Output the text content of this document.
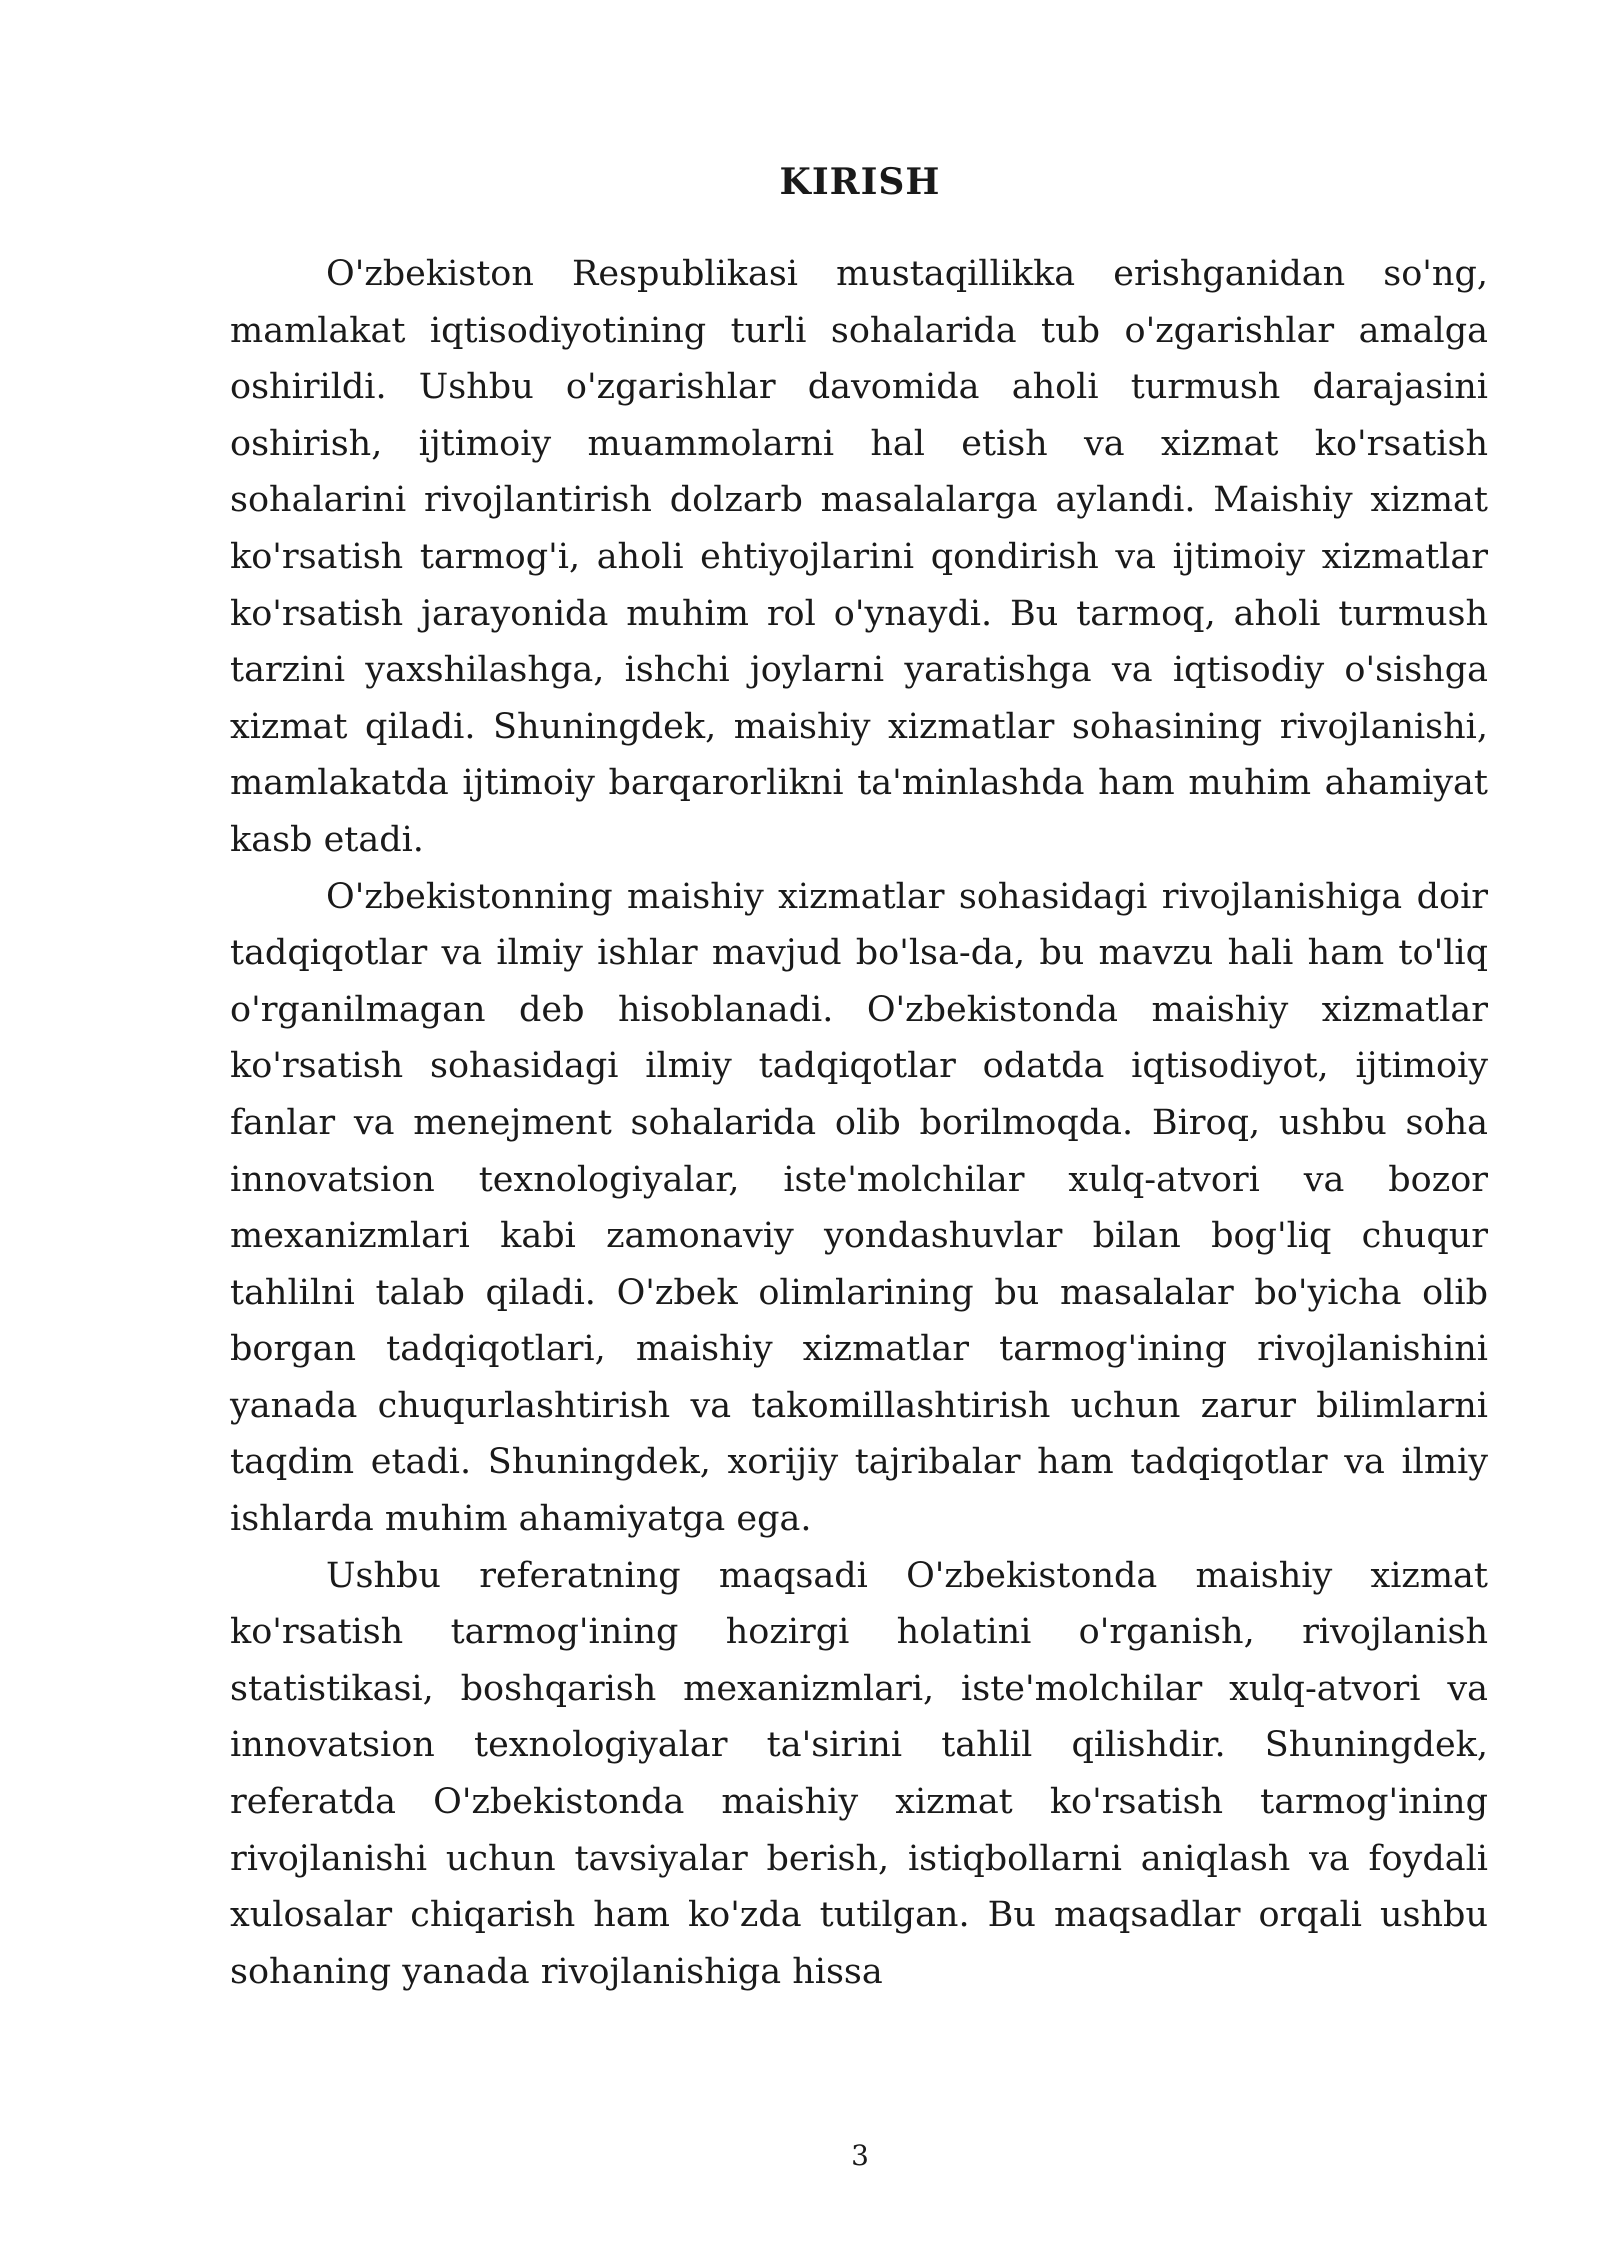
KIRISH

O'zbekiston Respublikasi mustaqillikka erishganidan so'ng, mamlakat iqtisodiyotining turli sohalarida tub o'zgarishlar amalga oshirildi. Ushbu o'zgarishlar davomida aholi turmush darajasini oshirish, ijtimoiy muammolarni hal etish va xizmat ko'rsatish sohalarini rivojlantirish dolzarb masalalarga aylandi. Maishiy xizmat ko'rsatish tarmog'i, aholi ehtiyojlarini qondirish va ijtimoiy xizmatlar ko'rsatish jarayonida muhim rol o'ynaydi. Bu tarmoq, aholi turmush tarzini yaxshilashga, ishchi joylarni yaratishga va iqtisodiy o'sishga xizmat qiladi. Shuningdek, maishiy xizmatlar sohasining rivojlanishi, mamlakatda ijtimoiy barqarorlikni ta'minlashda ham muhim ahamiyat kasb etadi.

O'zbekistonning maishiy xizmatlar sohasidagi rivojlanishiga doir tadqiqotlar va ilmiy ishlar mavjud bo'lsa-da, bu mavzu hali ham to'liq o'rganilmagan deb hisoblanadi. O'zbekistonda maishiy xizmatlar ko'rsatish sohasidagi ilmiy tadqiqotlar odatda iqtisodiyot, ijtimoiy fanlar va menejment sohalarida olib borilmoqda. Biroq, ushbu soha innovatsion texnologiyalar, iste'molchilar xulq-atvori va bozor mexanizmlari kabi zamonaviy yondashuvlar bilan bog'liq chuqur tahlilni talab qiladi. O'zbek olimlarining bu masalalar bo'yicha olib borgan tadqiqotlari, maishiy xizmatlar tarmog'ining rivojlanishini yanada chuqurlashtirish va takomillashtirish uchun zarur bilimlarni taqdim etadi. Shuningdek, xorijiy tajribalar ham tadqiqotlar va ilmiy ishlarda muhim ahamiyatga ega.

Ushbu referatning maqsadi O'zbekistonda maishiy xizmat ko'rsatish tarmog'ining hozirgi holatini o'rganish, rivojlanish statistikasi, boshqarish mexanizmlari, iste'molchilar xulq-atvori va innovatsion texnologiyalar ta'sirini tahlil qilishdir. Shuningdek, referatda O'zbekistonda maishiy xizmat ko'rsatish tarmog'ining rivojlanishi uchun tavsiyalar berish, istiqbollarni aniqlash va foydali xulosalar chiqarish ham ko'zda tutilgan. Bu maqsadlar orqali ushbu sohaning yanada rivojlanishiga hissa

3
